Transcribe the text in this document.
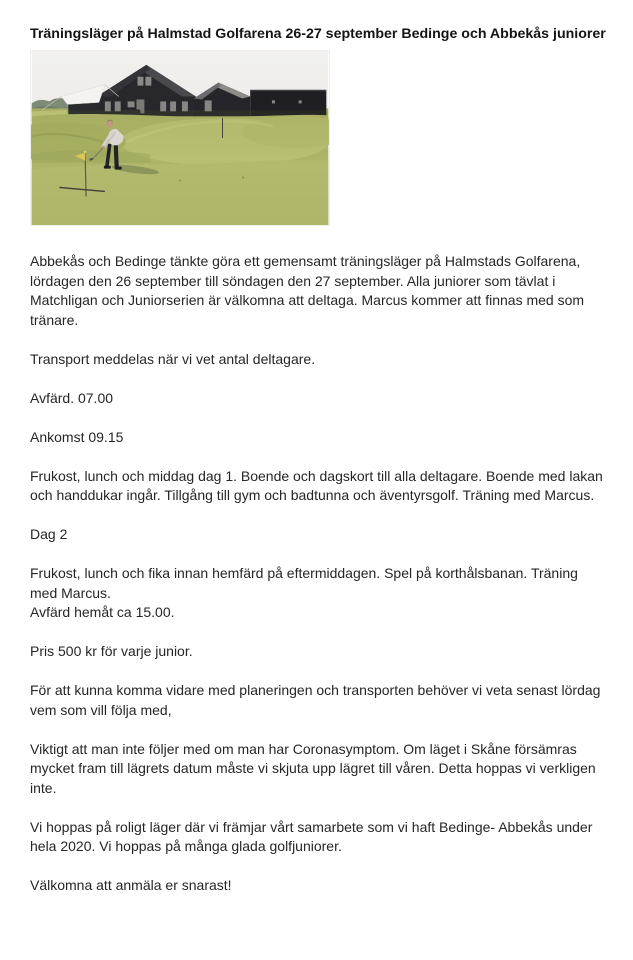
Träningsläger på Halmstad Golfarena 26-27 september Bedinge och Abbekås juniorer

Abbekås och Bedinge tänkte göra ett gemensamt träningsläger på Halmstads Golfarena, lördagen den 26 september till söndagen den 27 september. Alla juniorer som tävlat i Matchligan och Juniorserien är välkomna att deltaga. Marcus kommer att finnas med som tränare.

Transport meddelas när vi vet antal deltagare.

Avfärd. 07.00

Ankomst 09.15

Frukost, lunch och middag dag 1. Boende och dagskort till alla deltagare. Boende med lakan och handdukar ingår. Tillgång till gym och badtunna och äventyrsgolf. Träning med Marcus.

Dag 2

Frukost, lunch och fika innan hemfärd på eftermiddagen. Spel på korthålsbanan. Träning med Marcus.

Avfärd hemåt ca 15.00.

Pris 500 kr för varje junior.

För att kunna komma vidare med planeringen och transporten behöver vi veta senast lördag vem som vill följa med,

Viktigt att man inte följer med om man har Coronasymptom. Om läget i Skåne försämras mycket fram till lägrets datum måste vi skjuta upp lägret till våren. Detta hoppas vi verkligen inte.

Vi hoppas på roligt läger där vi främjar vårt samarbete som vi haft Bedinge- Abbekås under hela 2020. Vi hoppas på många glada golfjuniorer.

Välkomna att anmäla er snarast!
